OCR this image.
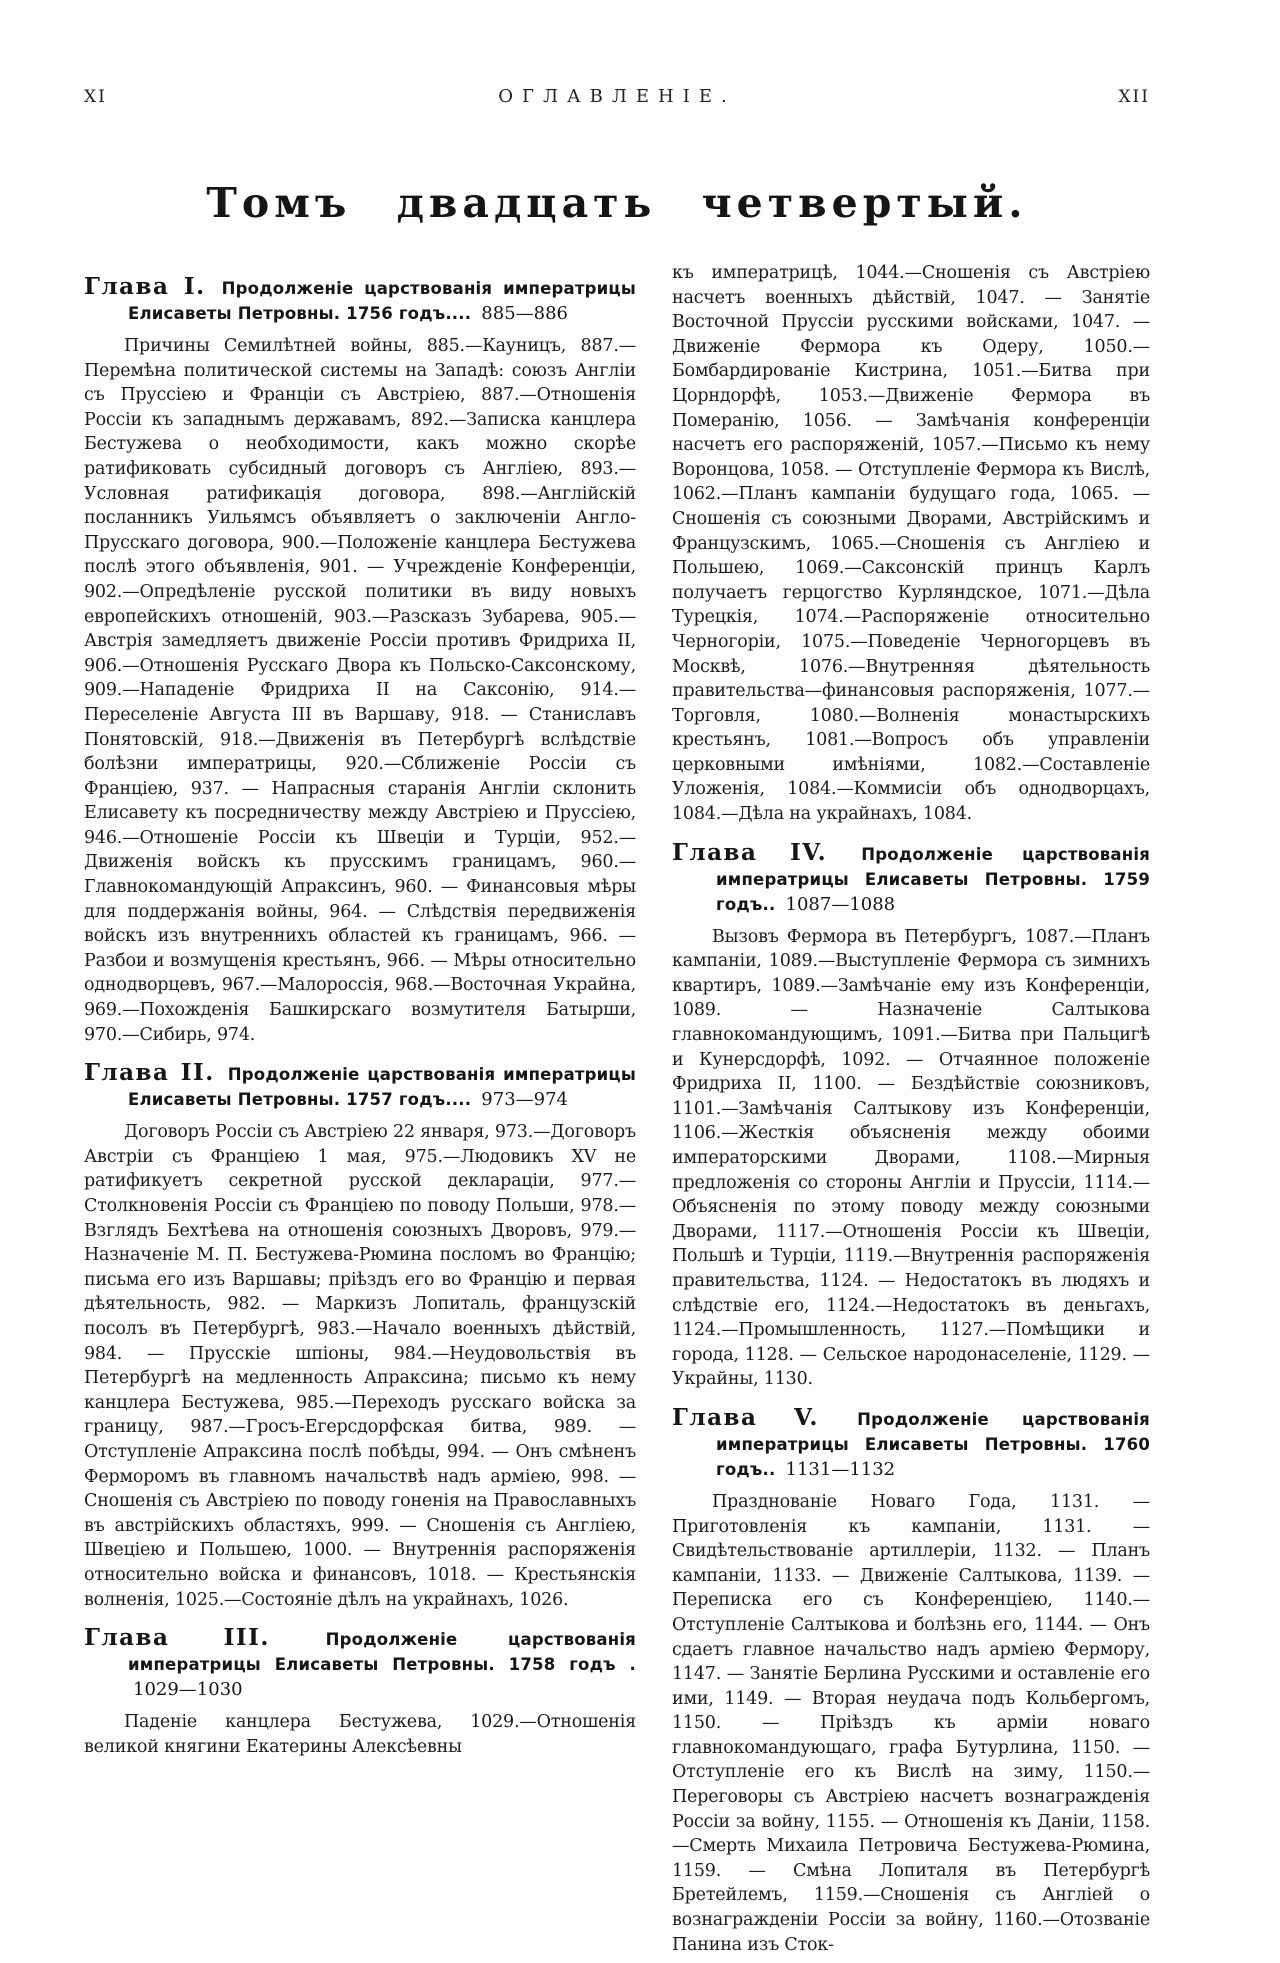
XI	ОГЛАВЛЕНІЕ.	XII
Томъ двадцать четвертый.
Глава I. Продолженіе царствованія императрицы Елисаветы Петровны. 1756 годъ.... 885—886

Причины Семилѣтней войны, 885.—Кауницъ, 887.—Перемѣна политической системы на Западѣ: союзъ Англіи съ Пруссіею и Франціи съ Австріею, 887.—Отношенія Россіи къ западнымъ державамъ, 892.—Записка канцлера Бестужева о необходимости, какъ можно скорѣе ратификовать субсидный договоръ съ Англіею, 893.—Условная ратификація договора, 898.—Англійскій посланникъ Уильямсъ объявляетъ о заключеніи Англо-Прусскаго договора, 900.—Положеніе канцлера Бестужева послѣ этого объявленія, 901. — Учрежденіе Конференціи, 902.—Опредѣленіе русской политики въ виду новыхъ европейскихъ отношеній, 903.—Разсказъ Зубарева, 905.—Австрія замедляетъ движеніе Россіи противъ Фридриха II, 906.—Отношенія Русскаго Двора къ Польско-Саксонскому, 909.—Нападеніе Фридриха II на Саксонію, 914.—Переселеніе Августа III въ Варшаву, 918. — Станиславъ Понятовскій, 918.—Движенія въ Петербургѣ вслѣдствіе болѣзни императрицы, 920.—Сближеніе Россіи съ Франціею, 937. — Напрасныя старанія Англіи склонить Елисавету къ посредничеству между Австріею и Пруссіею, 946.—Отношеніе Россіи къ Швеціи и Турціи, 952.—Движенія войскъ къ прусскимъ границамъ, 960.—Главнокомандующій Апраксинъ, 960. — Финансовыя мѣры для поддержанія войны, 964. — Слѣдствія передвиженія войскъ изъ внутреннихъ областей къ границамъ, 966. — Разбои и возмущенія крестьянъ, 966. — Мѣры относительно однодворцевъ, 967.—Малороссія, 968.—Восточная Украйна, 969.—Похожденія Башкирскаго возмутителя Батырши, 970.—Сибирь, 974.

Глава II. Продолженіе царствованія императрицы Елисаветы Петровны. 1757 годъ.... 973—974

Договоръ Россіи съ Австріею 22 января, 973.—Договоръ Австріи съ Франціею 1 мая, 975.—Людовикъ XV не ратификуетъ секретной русской деклараціи, 977.—Столкновенія Россіи съ Франціею по поводу Польши, 978.—Взглядъ Бехтѣева на отношенія союзныхъ Дворовъ, 979.—Назначеніе М. П. Бестужева-Рюмина посломъ во Францію; письма его изъ Варшавы; пріѣздъ его во Францію и первая дѣятельность, 982. — Маркизъ Лопиталь, французскій посолъ въ Петербургѣ, 983.—Начало военныхъ дѣйствій, 984. — Прусскіе шпіоны, 984.—Неудовольствія въ Петербургѣ на медленность Апраксина; письмо къ нему канцлера Бестужева, 985.—Переходъ русскаго войска за границу, 987.—Гросъ-Егерсдорфская битва, 989. — Отступленіе Апраксина послѣ побѣды, 994. — Онъ смѣненъ Ферморомъ въ главномъ начальствѣ надъ арміею, 998. — Сношенія съ Австріею по поводу гоненія на Православныхъ въ австрійскихъ областяхъ, 999. — Сношенія съ Англіею, Швеціею и Польшею, 1000. — Внутреннія распоряженія относительно войска и финансовъ, 1018. — Крестьянскія волненія, 1025.—Состояніе дѣлъ на украйнахъ, 1026.

Глава III.	Продолженіе царствованія императрицы Елисаветы Петровны. 1758 годъ . 1029—1030

Паденіе канцлера Бестужева, 1029.—Отношенія великой княгини Екатерины Алексѣевны

къ императрицѣ, 1044.—Сношенія съ Австріею насчетъ военныхъ дѣйствій, 1047. — Занятіе Восточной Пруссіи русскими войсками, 1047. — Движеніе Фермора къ Одеру, 1050.—Бомбардированіе Кистрина, 1051.—Битва при Цорндорфѣ, 1053.—Движеніе Фермора въ Померанію, 1056. — Замѣчанія конференціи насчетъ его распоряженій, 1057.—Письмо къ нему Воронцова, 1058. — Отступленіе Фермора къ Вислѣ, 1062.—Планъ кампаніи будущаго года, 1065. — Сношенія съ союзными Дворами, Австрійскимъ и Французскимъ, 1065.—Сношенія съ Англіею и Польшею, 1069.—Саксонскій принцъ Карлъ получаетъ герцогство Курляндское, 1071.—Дѣла Турецкія, 1074.—Распоряженіе относительно Черногоріи, 1075.—Поведеніе Черногорцевъ въ Москвѣ, 1076.—Внутренняя дѣятельность правительства—финансовыя распоряженія, 1077.—Торговля, 1080.—Волненія монастырскихъ крестьянъ, 1081.—Вопросъ объ управленіи церковными имѣніями, 1082.—Составленіе Уложенія, 1084.—Коммисіи объ однодворцахъ, 1084.—Дѣла на украйнахъ, 1084.

Глава IV. Продолженіе царствованія императрицы Елисаветы Петровны. 1759 годъ.. 1087—1088

Вызовъ Фермора въ Петербургъ, 1087.—Планъ кампаніи, 1089.—Выступленіе Фермора съ зимнихъ квартиръ, 1089.—Замѣчаніе ему изъ Конференціи, 1089. — Назначеніе Салтыкова главнокомандующимъ, 1091.—Битва при Пальцигѣ и Кунерсдорфѣ, 1092. — Отчаянное положеніе Фридриха II, 1100. — Бездѣйствіе союзниковъ, 1101.—Замѣчанія Салтыкову изъ Конференціи, 1106.—Жесткія объясненія между обоими императорскими Дворами, 1108.—Мирныя предложенія со стороны Англіи и Пруссіи, 1114.—Объясненія по этому поводу между союзными Дворами, 1117.—Отношенія Россіи къ Швеціи, Польшѣ и Турціи, 1119.—Внутреннія распоряженія правительства, 1124. — Недостатокъ въ людяхъ и слѣдствіе его, 1124.—Недостатокъ въ деньгахъ, 1124.—Промышленность, 1127.—Помѣщики и города, 1128. — Сельское народонаселеніе, 1129. — Украйны, 1130.

Глава V. Продолженіе царствованія императрицы Елисаветы Петровны. 1760 годъ.. 1131—1132

Празднованіе Новаго Года, 1131. — Приготовленія къ кампаніи, 1131. — Свидѣтельствованіе артиллеріи, 1132. — Планъ кампаніи, 1133. — Движеніе Салтыкова, 1139. — Переписка его съ Конференціею, 1140.—Отступленіе Салтыкова и болѣзнь его, 1144. — Онъ сдаетъ главное начальство надъ арміею Фермору, 1147. — Занятіе Берлина Русскими и оставленіе его ими, 1149. — Вторая неудача подъ Кольбергомъ, 1150. — Пріѣздъ къ арміи новаго главнокомандующаго, графа Бутурлина, 1150. — Отступленіе его къ Вислѣ на зиму, 1150.—Переговоры съ Австріею насчетъ вознагражденія Россіи за войну, 1155. — Отношенія къ Даніи, 1158.—Смерть Михаила Петровича Бестужева-Рюмина, 1159. — Смѣна Лопиталя въ Петербургѣ Бретейлемъ, 1159.—Сношенія съ Англіей о вознагражденіи Россіи за войну, 1160.—Отозваніе Панина изъ Сток-
